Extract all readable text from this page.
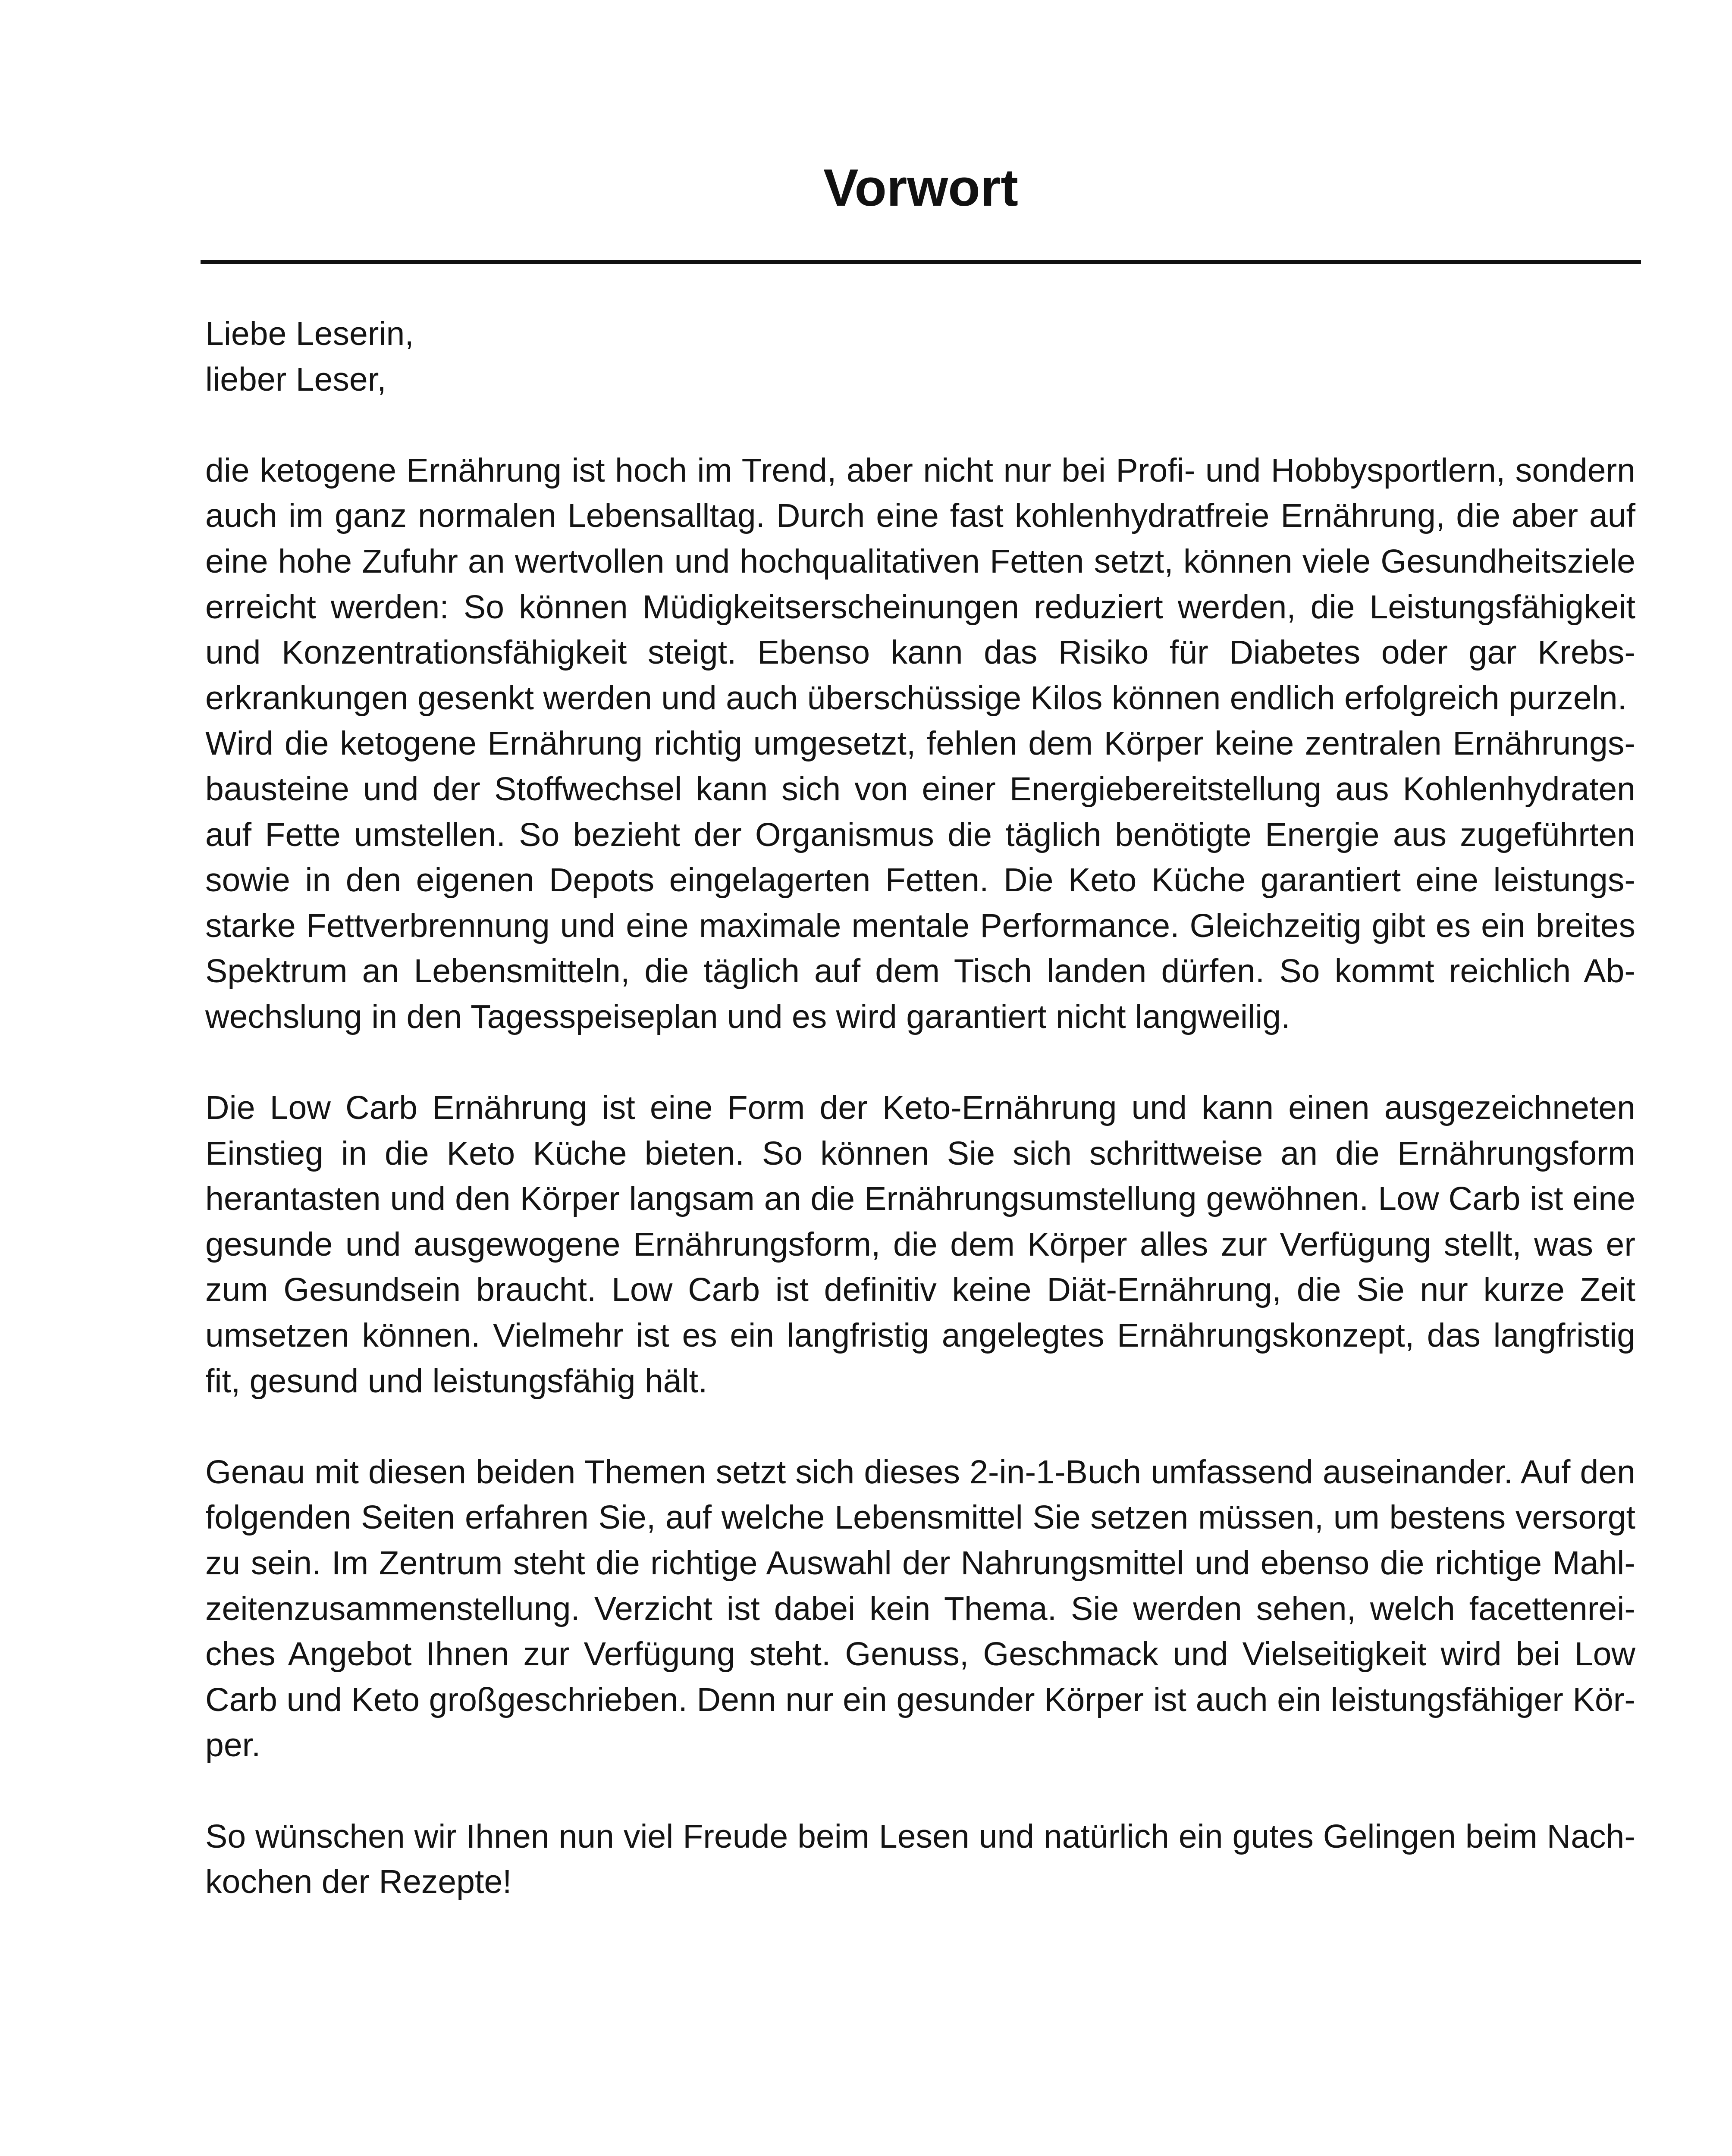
Vorwort

Liebe Leserin,

lieber Leser,

die ketogene Ernährung ist hoch im Trend, aber nicht nur bei Profi- und Hobbysportlern, sondern auch im ganz normalen Lebensalltag. Durch eine fast kohlenhydratfreie Ernährung, die aber auf eine hohe Zufuhr an wertvollen und hochqualitativen Fetten setzt, können viele Gesundheitsziele erreicht werden: So können Müdigkeitserscheinungen reduziert werden, die Leistungsfähigkeit und Konzentrationsfähigkeit steigt. Ebenso kann das Risiko für Diabetes oder gar Krebserkrankungen gesenkt werden und auch überschüssige Kilos können endlich erfolgreich purzeln.

Wird die ketogene Ernährung richtig umgesetzt, fehlen dem Körper keine zentralen Ernährungsbausteine und der Stoffwechsel kann sich von einer Energiebereitstellung aus Kohlenhydraten auf Fette umstellen. So bezieht der Organismus die täglich benötigte Energie aus zugeführten sowie in den eigenen Depots eingelagerten Fetten. Die Keto Küche garantiert eine leistungsstarke Fettverbrennung und eine maximale mentale Performance. Gleichzeitig gibt es ein breites Spektrum an Lebensmitteln, die täglich auf dem Tisch landen dürfen. So kommt reichlich Abwechslung in den Tagesspeiseplan und es wird garantiert nicht langweilig.

Die Low Carb Ernährung ist eine Form der Keto-Ernährung und kann einen ausgezeichneten Einstieg in die Keto Küche bieten. So können Sie sich schrittweise an die Ernährungsform herantasten und den Körper langsam an die Ernährungsumstellung gewöhnen. Low Carb ist eine gesunde und ausgewogene Ernährungsform, die dem Körper alles zur Verfügung stellt, was er zum Gesundsein braucht. Low Carb ist definitiv keine Diät-Ernährung, die Sie nur kurze Zeit umsetzen können. Vielmehr ist es ein langfristig angelegtes Ernährungskonzept, das langfristig fit, gesund und leistungsfähig hält.

Genau mit diesen beiden Themen setzt sich dieses 2-in-1-Buch umfassend auseinander. Auf den folgenden Seiten erfahren Sie, auf welche Lebensmittel Sie setzen müssen, um bestens versorgt zu sein. Im Zentrum steht die richtige Auswahl der Nahrungsmittel und ebenso die richtige Mahlzeitenzusammenstellung. Verzicht ist dabei kein Thema. Sie werden sehen, welch facettenreiches Angebot Ihnen zur Verfügung steht. Genuss, Geschmack und Vielseitigkeit wird bei Low Carb und Keto großgeschrieben. Denn nur ein gesunder Körper ist auch ein leistungsfähiger Körper.

So wünschen wir Ihnen nun viel Freude beim Lesen und natürlich ein gutes Gelingen beim Nachkochen der Rezepte!
